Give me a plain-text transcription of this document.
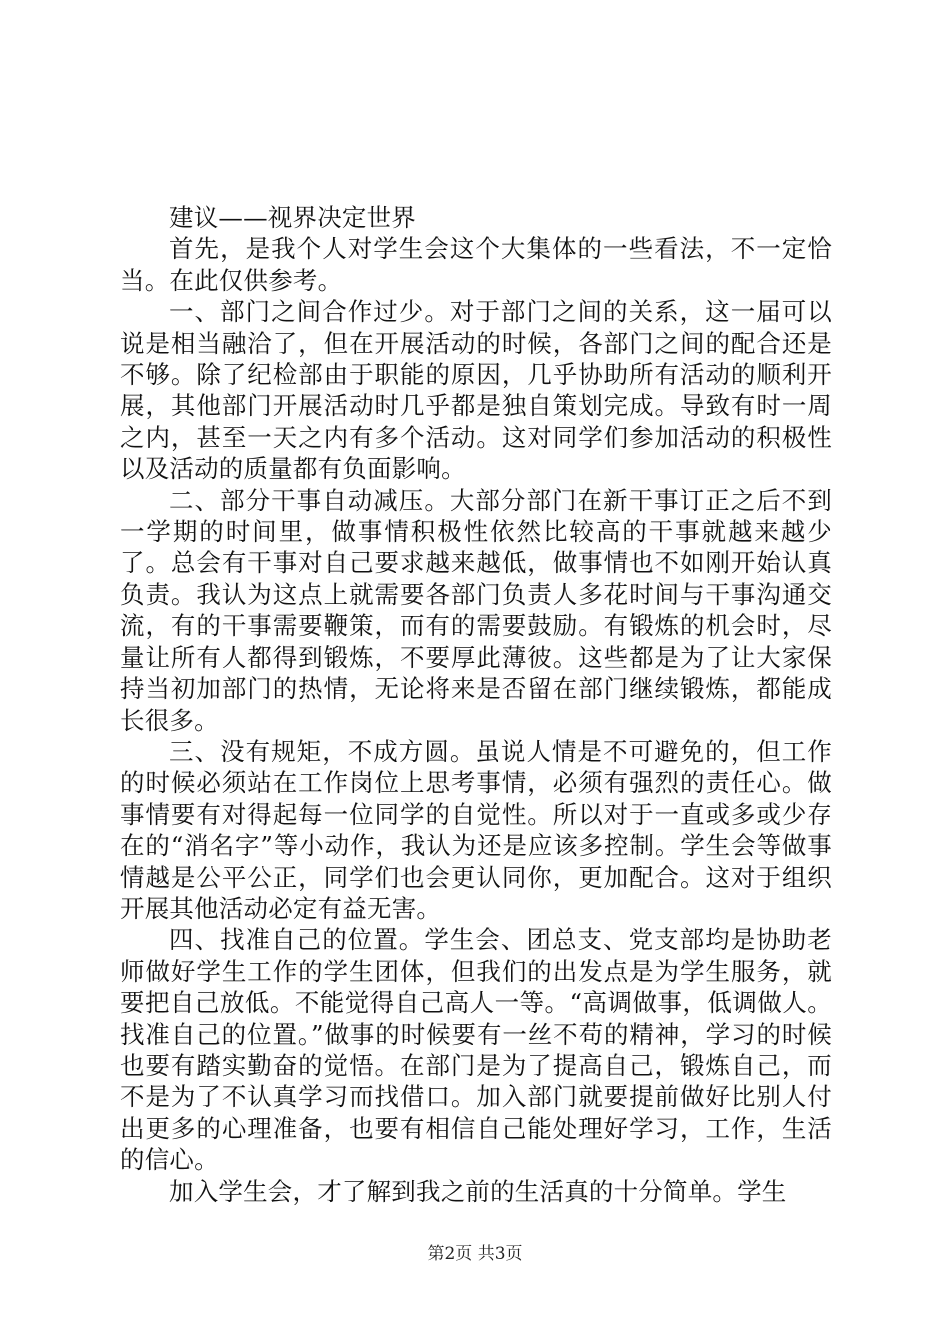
建议——视界决定世界

首先，是我个人对学生会这个大集体的一些看法，不一定恰当。在此仅供参考。

一、部门之间合作过少。对于部门之间的关系，这一届可以说是相当融洽了，但在开展活动的时候，各部门之间的配合还是不够。除了纪检部由于职能的原因，几乎协助所有活动的顺利开展，其他部门开展活动时几乎都是独自策划完成。导致有时一周之内，甚至一天之内有多个活动。这对同学们参加活动的积极性以及活动的质量都有负面影响。

二、部分干事自动减压。大部分部门在新干事订正之后不到一学期的时间里，做事情积极性依然比较高的干事就越来越少了。总会有干事对自己要求越来越低，做事情也不如刚开始认真负责。我认为这点上就需要各部门负责人多花时间与干事沟通交流，有的干事需要鞭策，而有的需要鼓励。有锻炼的机会时，尽量让所有人都得到锻炼，不要厚此薄彼。这些都是为了让大家保持当初加部门的热情，无论将来是否留在部门继续锻炼，都能成长很多。

三、没有规矩，不成方圆。虽说人情是不可避免的，但工作的时候必须站在工作岗位上思考事情，必须有强烈的责任心。做事情要有对得起每一位同学的自觉性。所以对于一直或多或少存在的“消名字”等小动作，我认为还是应该多控制。学生会等做事情越是公平公正，同学们也会更认同你，更加配合。这对于组织开展其他活动必定有益无害。

四、找准自己的位置。学生会、团总支、党支部均是协助老师做好学生工作的学生团体，但我们的出发点是为学生服务，就要把自己放低。不能觉得自己高人一等。“高调做事，低调做人。找准自己的位置。”做事的时候要有一丝不苟的精神，学习的时候也要有踏实勤奋的觉悟。在部门是为了提高自己，锻炼自己，而不是为了不认真学习而找借口。加入部门就要提前做好比别人付出更多的心理准备，也要有相信自己能处理好学习，工作，生活的信心。

加入学生会，才了解到我之前的生活真的十分简单。学生

第2页 共3页
